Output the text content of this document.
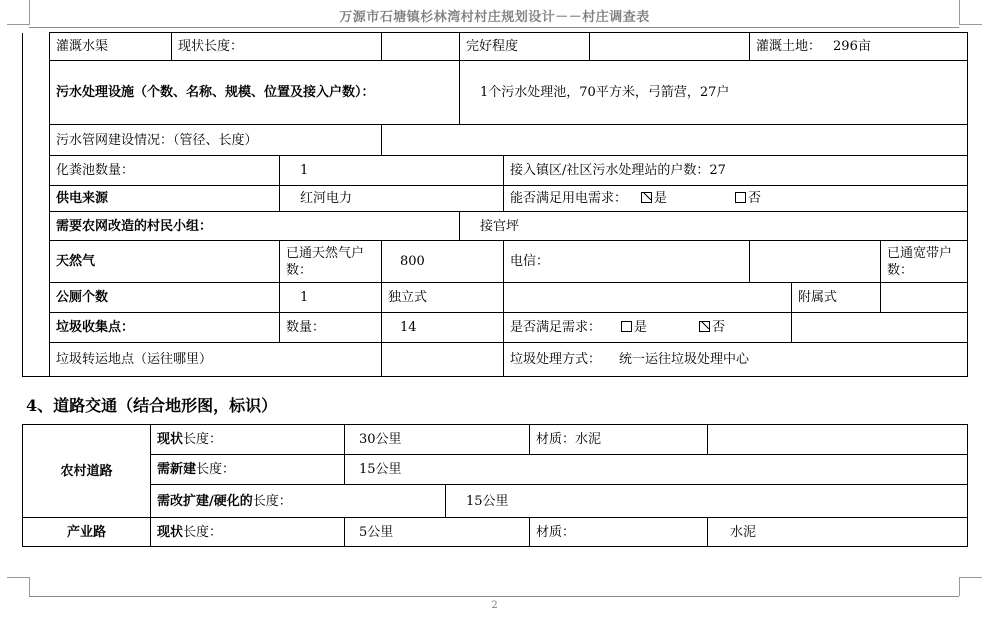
万源市石塘镇杉林湾村村庄规划设计－－村庄调查表
	灌溉水渠	现状长度：			完好程度			灌溉土地： 296亩			
	污水处理设施（个数、名称、规模、位置及接入户数）：				1个污水处理池，70平方米，弓箭营，27户						
	污水管网建设情况：（管径、长度）										
	化粪池数量：		1			接入镇区/社区污水处理站的户数：27					
	供电来源		红河电力			能否满足用电需求： 是 否					
	需要农网改造的村民小组：				接官坪						
	天然气		已通天然气户数：	800		电信：				已通宽带户数：	
	公厕个数		1	独立式					附属式		
	垃圾收集点：		数量：	14		是否满足需求： 是 否					
	垃圾转运地点（运往哪里）					垃圾处理方式： 统一运往垃圾处理中心					
4、道路交通（结合地形图，标识）
农村道路	现状长度：	30公里		材质：水泥	
	需新建长度：	15公里			
	需改扩建/硬化的长度：		15公里		
产业路	现状长度：	5公里		材质：	水泥
2
